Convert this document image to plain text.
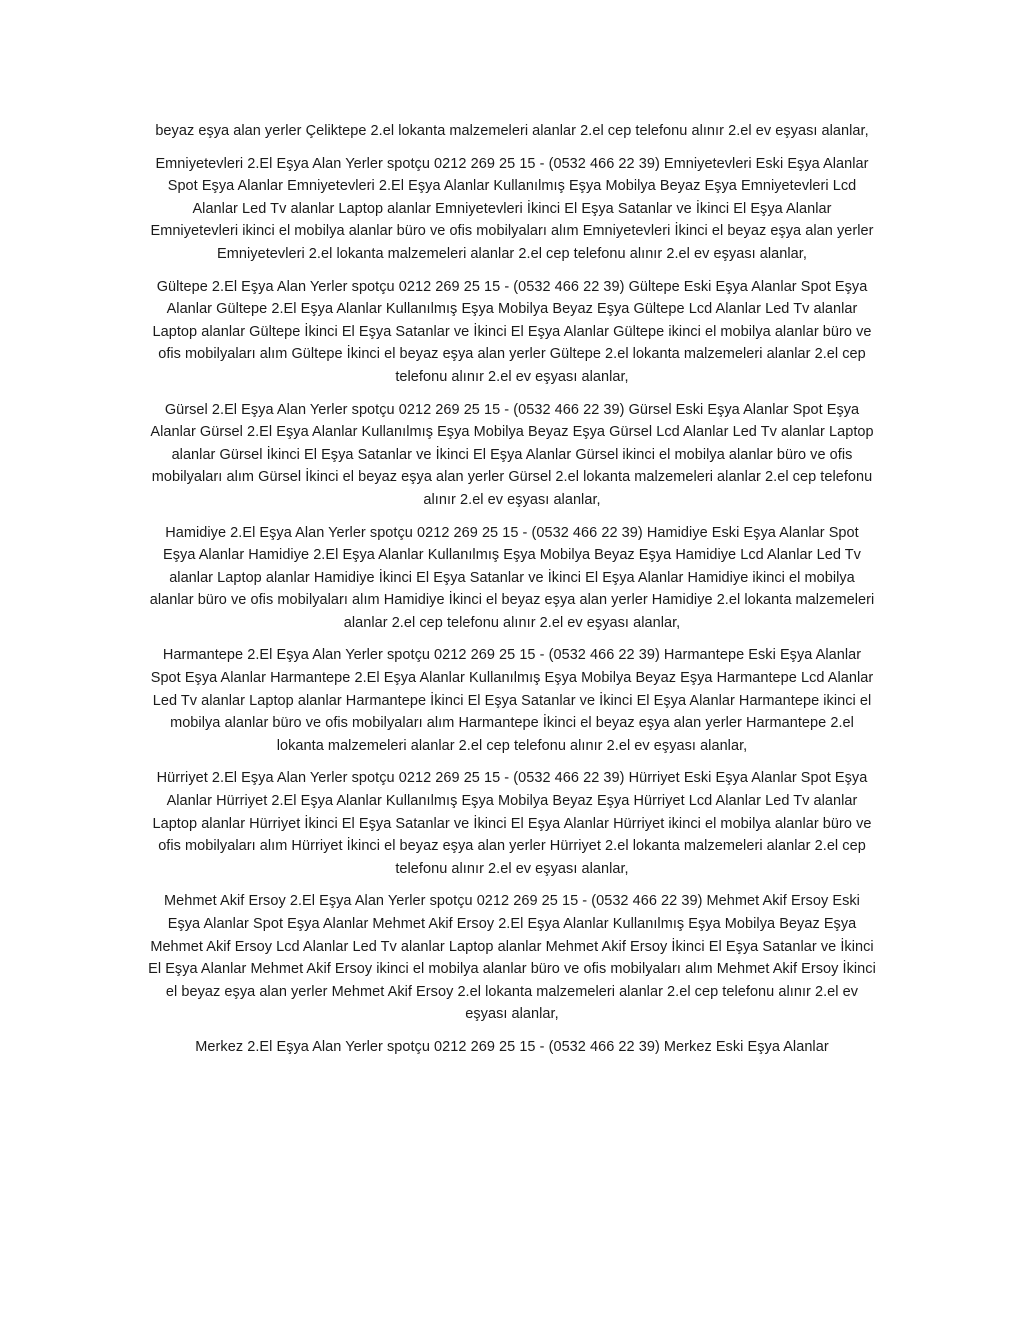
beyaz eşya alan yerler Çeliktepe 2.el lokanta malzemeleri alanlar 2.el cep telefonu alınır 2.el ev eşyası alanlar,

Emniyetevleri 2.El Eşya Alan Yerler spotçu 0212 269 25 15 - (0532 466 22 39) Emniyetevleri Eski Eşya Alanlar Spot Eşya Alanlar Emniyetevleri 2.El Eşya Alanlar Kullanılmış Eşya Mobilya Beyaz Eşya Emniyetevleri Lcd Alanlar Led Tv alanlar Laptop alanlar Emniyetevleri İkinci El Eşya Satanlar ve İkinci El Eşya Alanlar Emniyetevleri ikinci el mobilya alanlar büro ve ofis mobilyaları alım Emniyetevleri İkinci el beyaz eşya alan yerler Emniyetevleri 2.el lokanta malzemeleri alanlar 2.el cep telefonu alınır 2.el ev eşyası alanlar,

Gültepe 2.El Eşya Alan Yerler spotçu 0212 269 25 15 - (0532 466 22 39) Gültepe Eski Eşya Alanlar Spot Eşya Alanlar Gültepe 2.El Eşya Alanlar Kullanılmış Eşya Mobilya Beyaz Eşya Gültepe Lcd Alanlar Led Tv alanlar Laptop alanlar Gültepe İkinci El Eşya Satanlar ve İkinci El Eşya Alanlar Gültepe ikinci el mobilya alanlar büro ve ofis mobilyaları alım Gültepe İkinci el beyaz eşya alan yerler Gültepe 2.el lokanta malzemeleri alanlar 2.el cep telefonu alınır 2.el ev eşyası alanlar,

Gürsel 2.El Eşya Alan Yerler spotçu 0212 269 25 15 - (0532 466 22 39) Gürsel Eski Eşya Alanlar Spot Eşya Alanlar Gürsel 2.El Eşya Alanlar Kullanılmış Eşya Mobilya Beyaz Eşya Gürsel Lcd Alanlar Led Tv alanlar Laptop alanlar Gürsel İkinci El Eşya Satanlar ve İkinci El Eşya Alanlar Gürsel ikinci el mobilya alanlar büro ve ofis mobilyaları alım Gürsel İkinci el beyaz eşya alan yerler Gürsel 2.el lokanta malzemeleri alanlar 2.el cep telefonu alınır 2.el ev eşyası alanlar,

Hamidiye 2.El Eşya Alan Yerler spotçu 0212 269 25 15 - (0532 466 22 39) Hamidiye Eski Eşya Alanlar Spot Eşya Alanlar Hamidiye 2.El Eşya Alanlar Kullanılmış Eşya Mobilya Beyaz Eşya Hamidiye Lcd Alanlar Led Tv alanlar Laptop alanlar Hamidiye İkinci El Eşya Satanlar ve İkinci El Eşya Alanlar Hamidiye ikinci el mobilya alanlar büro ve ofis mobilyaları alım Hamidiye İkinci el beyaz eşya alan yerler Hamidiye 2.el lokanta malzemeleri alanlar 2.el cep telefonu alınır 2.el ev eşyası alanlar,

Harmantepe 2.El Eşya Alan Yerler spotçu 0212 269 25 15 - (0532 466 22 39) Harmantepe Eski Eşya Alanlar Spot Eşya Alanlar Harmantepe 2.El Eşya Alanlar Kullanılmış Eşya Mobilya Beyaz Eşya Harmantepe Lcd Alanlar Led Tv alanlar Laptop alanlar Harmantepe İkinci El Eşya Satanlar ve İkinci El Eşya Alanlar Harmantepe ikinci el mobilya alanlar büro ve ofis mobilyaları alım Harmantepe İkinci el beyaz eşya alan yerler Harmantepe 2.el lokanta malzemeleri alanlar 2.el cep telefonu alınır 2.el ev eşyası alanlar,

Hürriyet 2.El Eşya Alan Yerler spotçu 0212 269 25 15 - (0532 466 22 39) Hürriyet Eski Eşya Alanlar Spot Eşya Alanlar Hürriyet 2.El Eşya Alanlar Kullanılmış Eşya Mobilya Beyaz Eşya Hürriyet Lcd Alanlar Led Tv alanlar Laptop alanlar Hürriyet İkinci El Eşya Satanlar ve İkinci El Eşya Alanlar Hürriyet ikinci el mobilya alanlar büro ve ofis mobilyaları alım Hürriyet İkinci el beyaz eşya alan yerler Hürriyet 2.el lokanta malzemeleri alanlar 2.el cep telefonu alınır 2.el ev eşyası alanlar,

Mehmet Akif Ersoy 2.El Eşya Alan Yerler spotçu 0212 269 25 15 - (0532 466 22 39) Mehmet Akif Ersoy Eski Eşya Alanlar Spot Eşya Alanlar Mehmet Akif Ersoy 2.El Eşya Alanlar Kullanılmış Eşya Mobilya Beyaz Eşya Mehmet Akif Ersoy Lcd Alanlar Led Tv alanlar Laptop alanlar Mehmet Akif Ersoy İkinci El Eşya Satanlar ve İkinci El Eşya Alanlar Mehmet Akif Ersoy ikinci el mobilya alanlar büro ve ofis mobilyaları alım Mehmet Akif Ersoy İkinci el beyaz eşya alan yerler Mehmet Akif Ersoy 2.el lokanta malzemeleri alanlar 2.el cep telefonu alınır 2.el ev eşyası alanlar,

Merkez 2.El Eşya Alan Yerler spotçu 0212 269 25 15 - (0532 466 22 39) Merkez Eski Eşya Alanlar
